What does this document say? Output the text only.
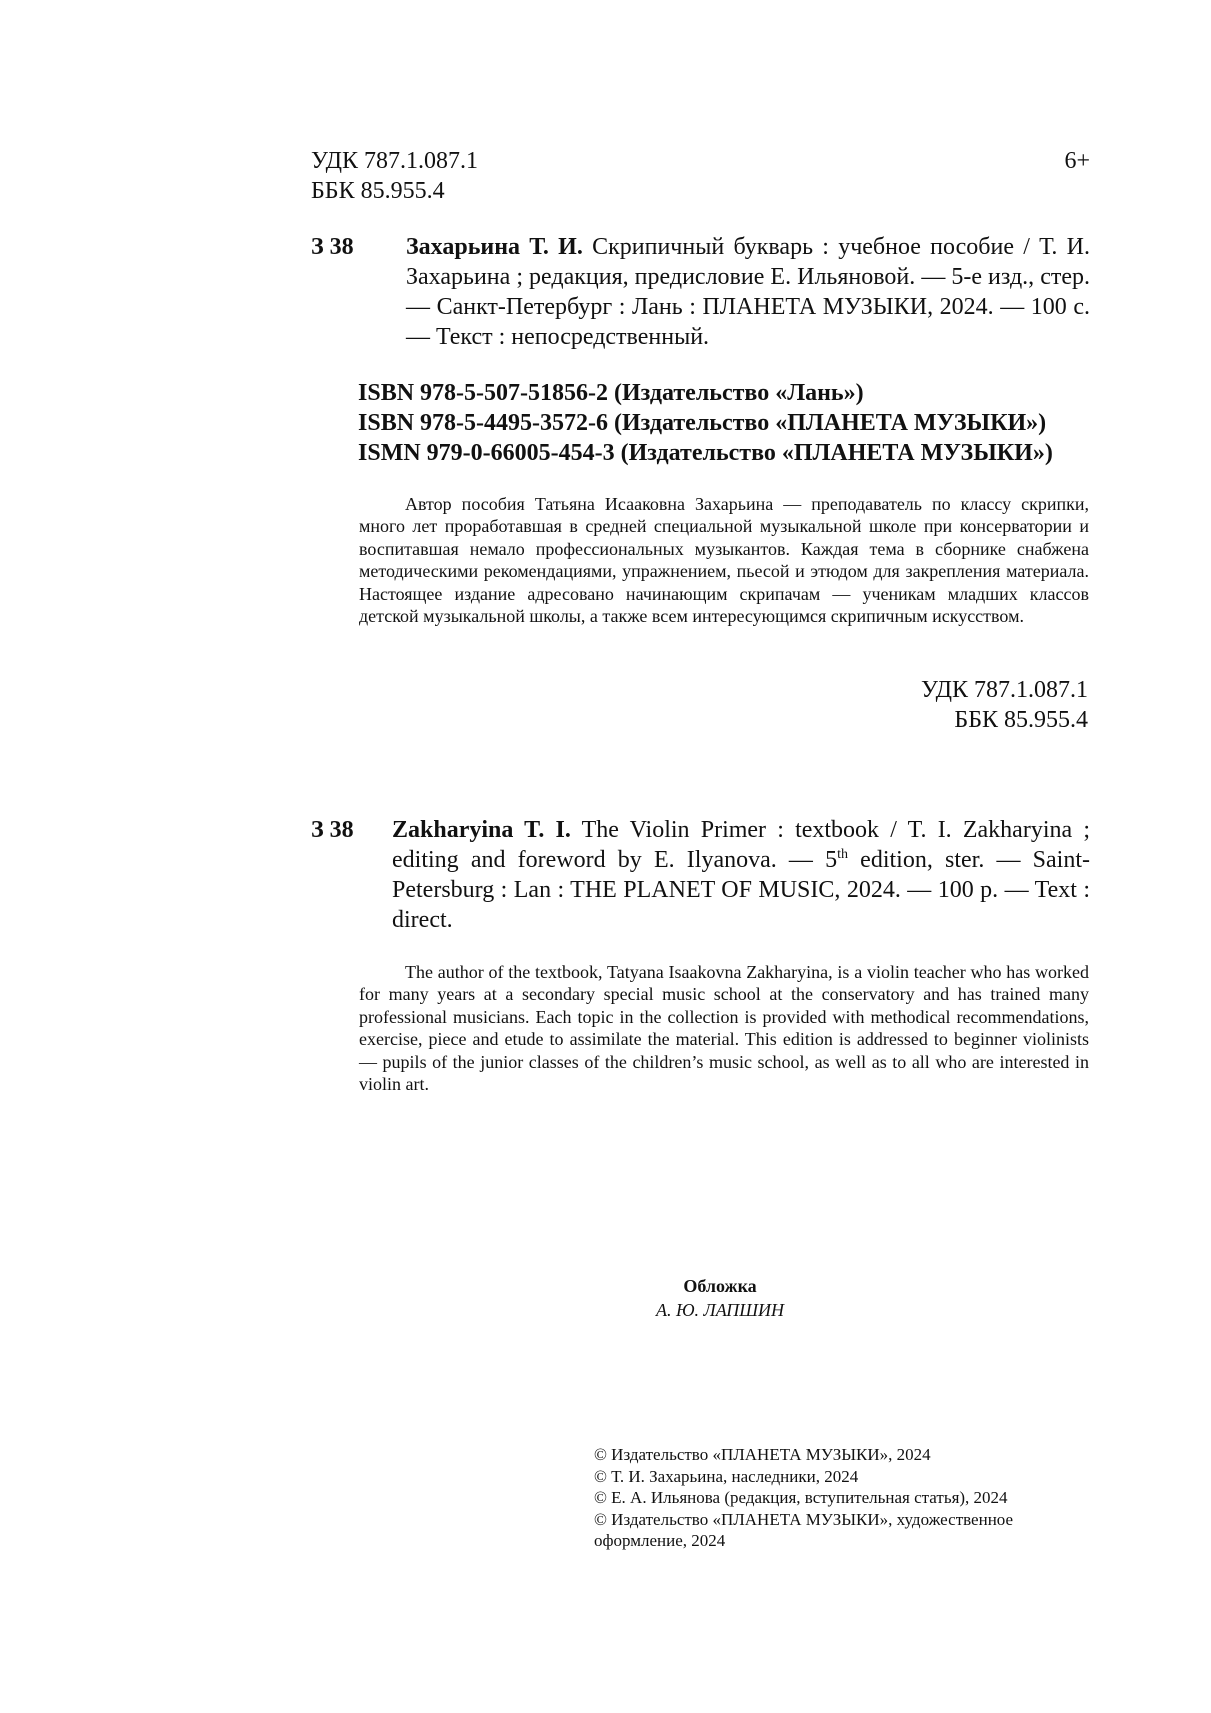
УДК 787.1.087.1
ББК 85.955.4
6+
З 38 Захарьина Т. И. Скрипичный букварь : учебное пособие / Т. И. Захарьина ; редакция, предисловие Е. Ильяновой. — 5-е изд., стер. — Санкт-Петербург : Лань : ПЛАНЕТА МУЗЫКИ, 2024. — 100 с. — Текст : непосредственный.
ISBN 978-5-507-51856-2 (Издательство «Лань»)
ISBN 978-5-4495-3572-6 (Издательство «ПЛАНЕТА МУЗЫКИ»)
ISMN 979-0-66005-454-3 (Издательство «ПЛАНЕТА МУЗЫКИ»)

Автор пособия Татьяна Исааковна Захарьина — преподаватель по классу скрипки, много лет проработавшая в средней специальной музыкальной школе при консерватории и воспитавшая немало профессиональных музыкантов. Каждая тема в сборнике снабжена методическими рекомендациями, упражнением, пьесой и этюдом для закрепления материала. Настоящее издание адресовано начинающим скрипачам — ученикам младших классов детской музыкальной школы, а также всем интересующимся скрипичным искусством.

УДК 787.1.087.1
ББК 85.955.4
З 38 Zakharyina T. I. The Violin Primer : textbook / T. I. Zakharyina ; editing and foreword by E. Ilyanova. — 5th edition, ster. — Saint-Petersburg : Lan : THE PLANET OF MUSIC, 2024. — 100 p. — Text : direct.

The author of the textbook, Tatyana Isaakovna Zakharyina, is a violin teacher who has worked for many years at a secondary special music school at the conservatory and has trained many professional musicians. Each topic in the collection is provided with methodical recommendations, exercise, piece and etude to assimilate the material. This edition is addressed to beginner violinists — pupils of the junior classes of the children’s music school, as well as to all who are interested in violin art.

Обложка
А. Ю. ЛАПШИН
© Издательство «ПЛАНЕТА МУЗЫКИ», 2024
© Т. И. Захарьина, наследники, 2024
© Е. А. Ильянова (редакция, вступительная статья), 2024
© Издательство «ПЛАНЕТА МУЗЫКИ», художественное оформление, 2024
